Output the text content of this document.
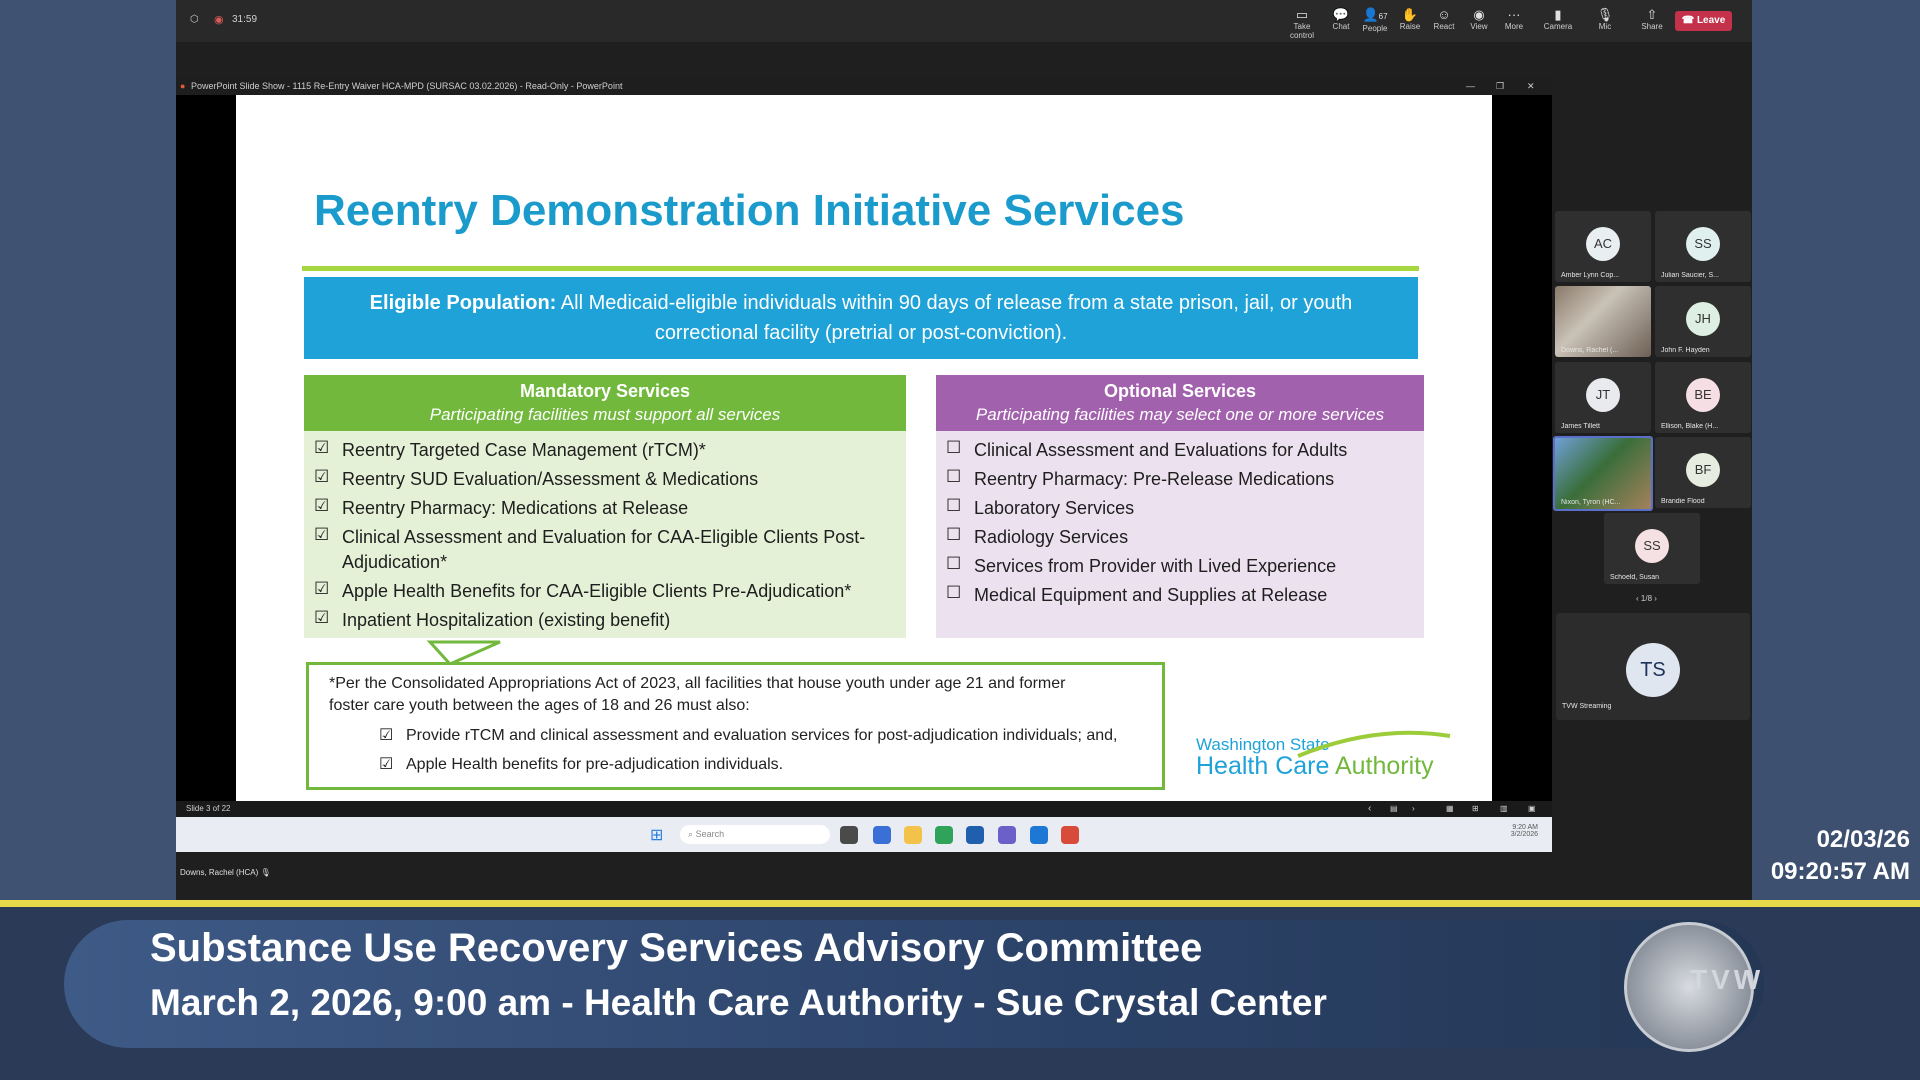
⬡ ◉ 31:59	▭
Take control
💬
Chat
👤67
People
✋
Raise
☺
React
◉
View
···
More
▮
Camera
🎙
Mic
⇧
Share
☎ Leave
● PowerPoint Slide Show - 1115 Re-Entry Waiver HCA-MPD (SURSAC 03.02.2026) - Read-Only - PowerPoint	— ❐	✕
Reentry Demonstration Initiative Services
Eligible Population: All Medicaid-eligible individuals within 90 days of release from a state prison, jail, or youth correctional facility (pretrial or post-conviction).
Mandatory Services
Participating facilities must support all services
☑ Reentry Targeted Case Management (rTCM)*
☑ Reentry SUD Evaluation/Assessment & Medications
☑ Reentry Pharmacy: Medications at Release
☑ Clinical Assessment and Evaluation for CAA-Eligible Clients Post-
Adjudication*
☑ Apple Health Benefits for CAA-Eligible Clients Pre-Adjudication*
☑ Inpatient Hospitalization (existing benefit)
Optional Services
Participating facilities may select one or more services
☐ Clinical Assessment and Evaluations for Adults
☐ Reentry Pharmacy: Pre-Release Medications
☐ Laboratory Services
☐ Radiology Services
☐ Services from Provider with Lived Experience
☐ Medical Equipment and Supplies at Release
*Per the Consolidated Appropriations Act of 2023, all facilities that house youth under age 21 and former
foster care youth between the ages of 18 and 26 must also:
☑ Provide rTCM and clinical assessment and evaluation services for post-adjudication individuals; and,
☑ Apple Health benefits for pre-adjudication individuals.
Washington State
Health Care Authority
Slide 3 of 22	‹ ▤ ›	▦ ⊞	▥	▣
⊞	⌕ Search
9:20 AM
3/2/2026
Downs, Rachel (HCA) 🎙
AC
Amber Lynn Cop...
SS
Julian Saucier, S...
Downs, Rachel (...
JH
John F. Hayden
JT
James Tillett
BE
Ellison, Blake (H...
Nixon, Tyron (HC...
BF
Brandie Flood
SS
Schoeld, Susan
‹ 1/8 ›
TS
TVW Streaming
02/03/26
09:20:57 AM
Substance Use Recovery Services Advisory Committee
March 2, 2026, 9:00 am - Health Care Authority - Sue Crystal Center
TVW
